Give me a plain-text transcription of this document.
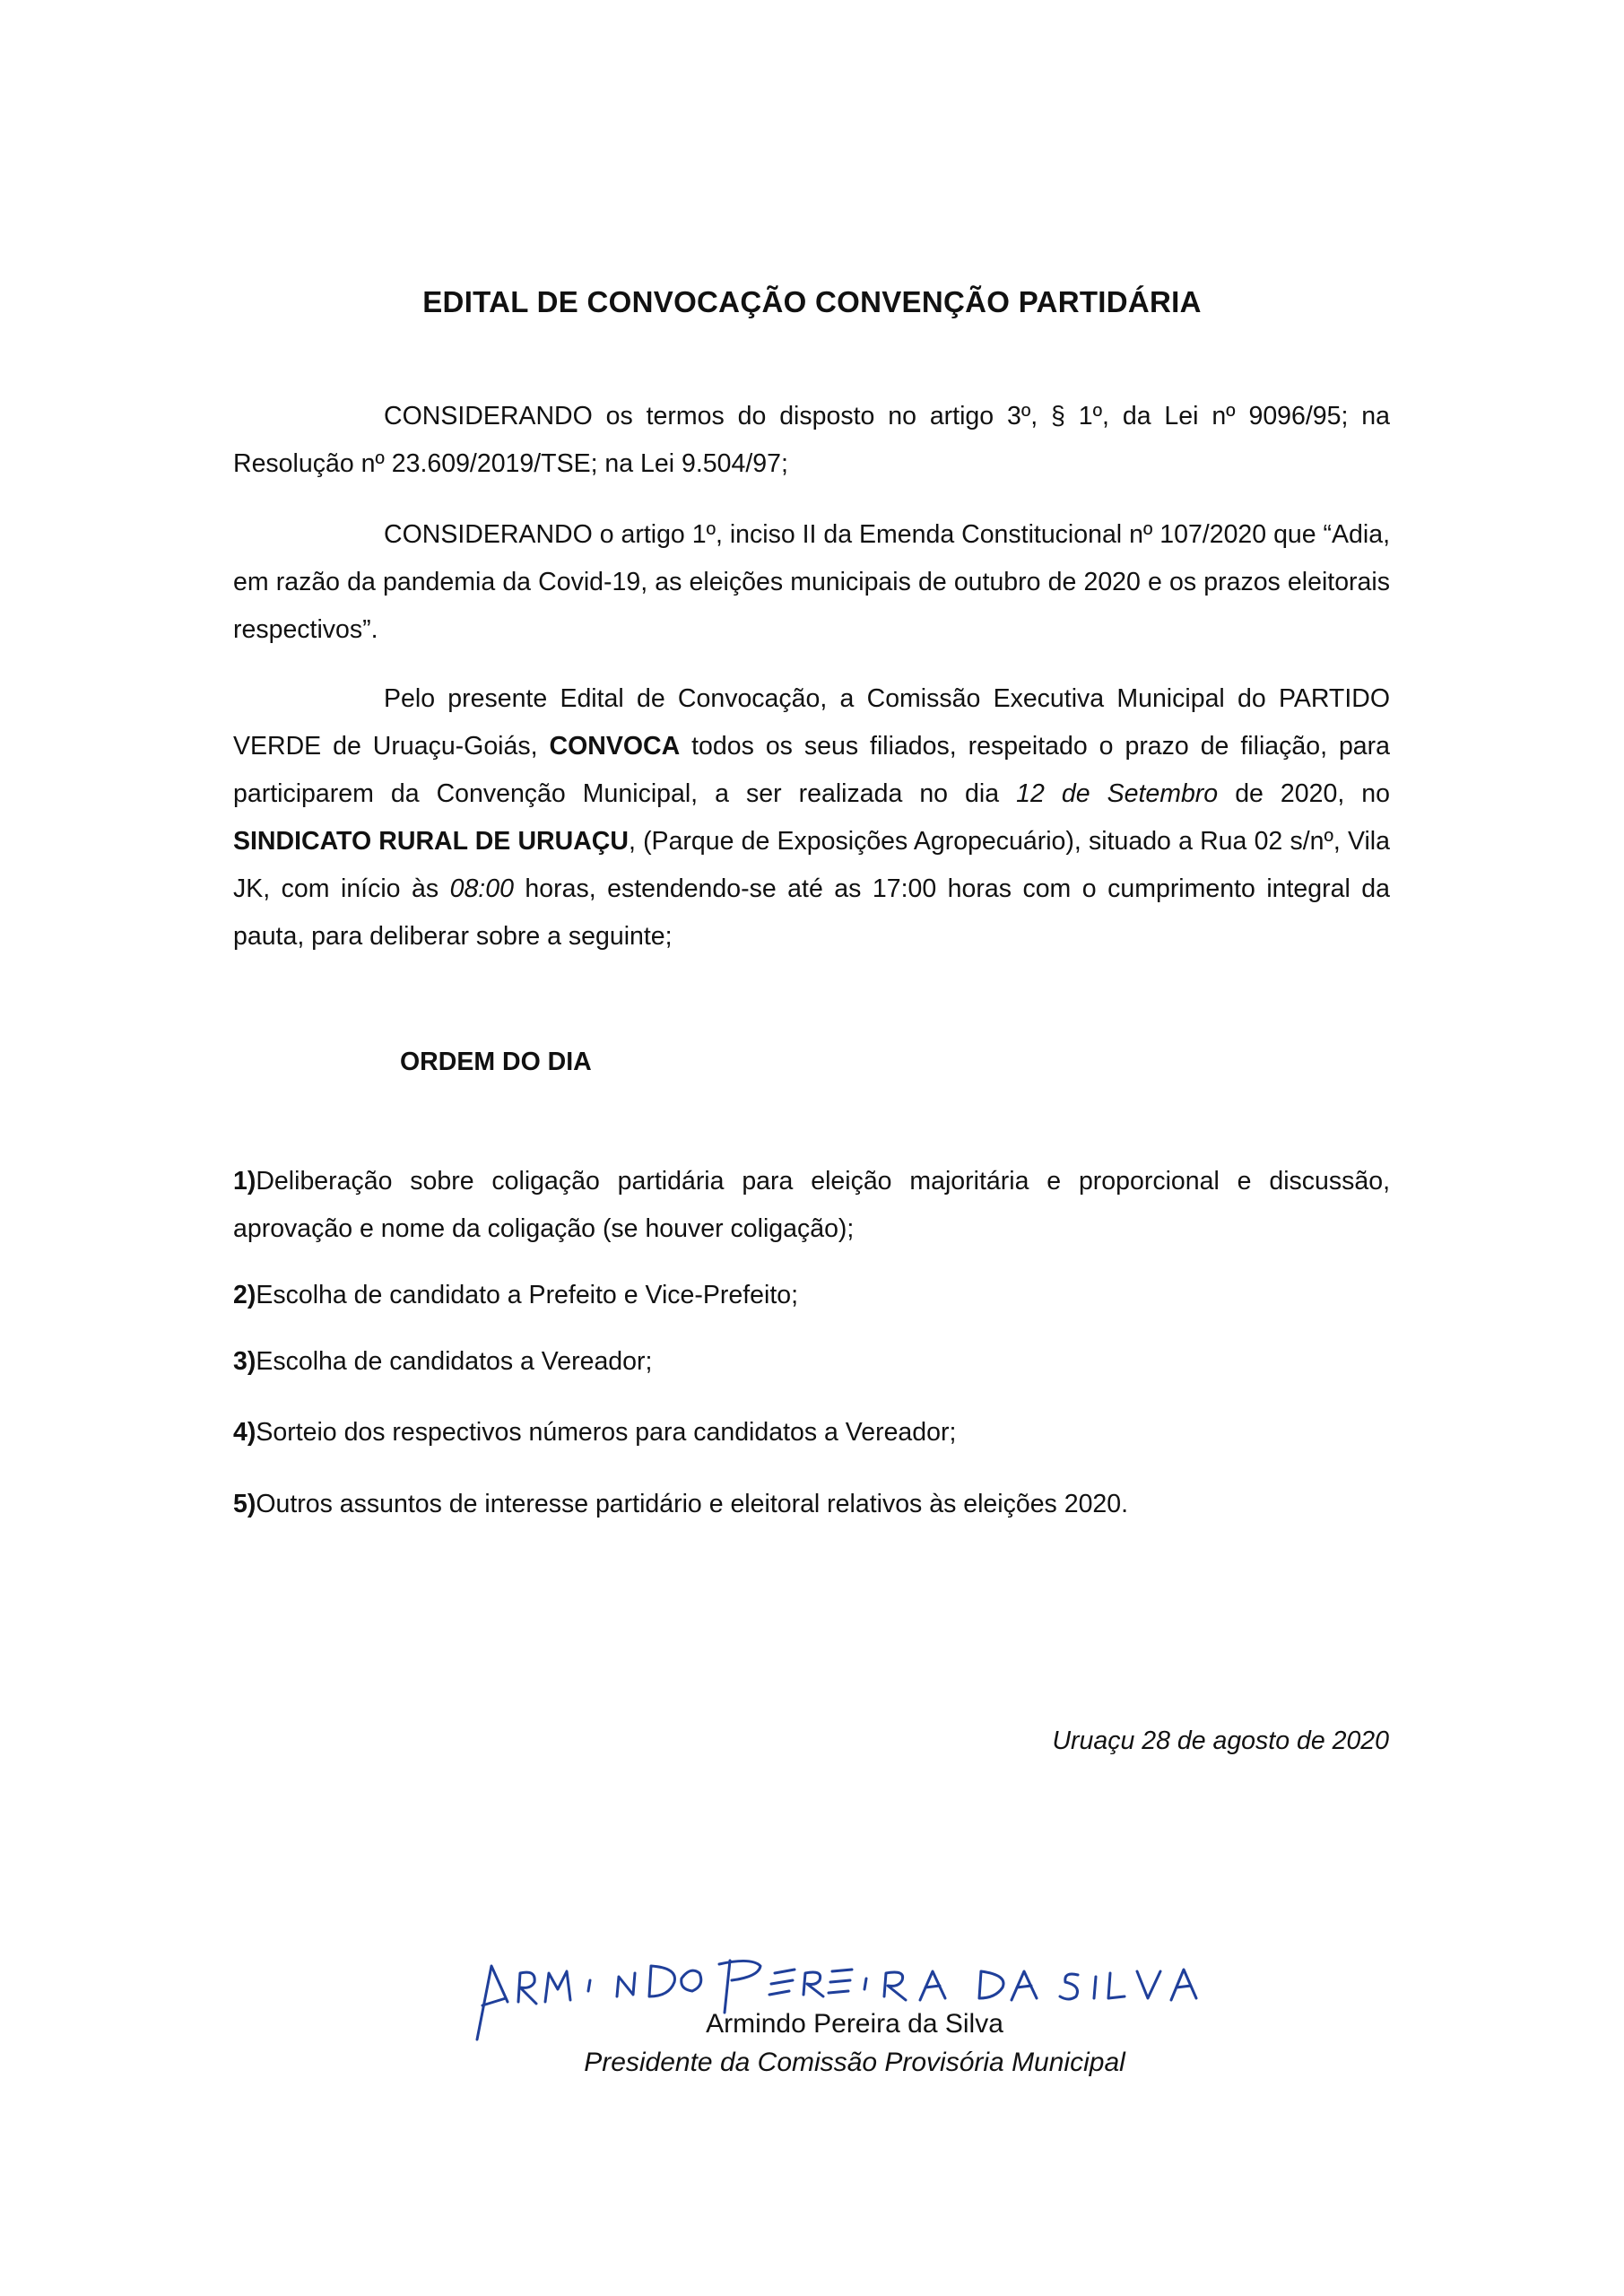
EDITAL DE CONVOCAÇÃO CONVENÇÃO PARTIDÁRIA

CONSIDERANDO os termos do disposto no artigo 3º, § 1º, da Lei nº 9096/95; na Resolução nº 23.609/2019/TSE; na Lei 9.504/97;

CONSIDERANDO o artigo 1º, inciso II da Emenda Constitucional nº 107/2020 que “Adia, em razão da pandemia da Covid-19, as eleições municipais de outubro de 2020 e os prazos eleitorais respectivos”.

Pelo presente Edital de Convocação, a Comissão Executiva Municipal do PARTIDO VERDE de Uruaçu-Goiás, CONVOCA todos os seus filiados, respeitado o prazo de filiação, para participarem da Convenção Municipal, a ser realizada no dia 12 de Setembro de 2020, no SINDICATO RURAL DE URUAÇU, (Parque de Exposições Agropecuário), situado a Rua 02 s/nº, Vila JK, com início às 08:00 horas, estendendo-se até as 17:00 horas com o cumprimento integral da pauta, para deliberar sobre a seguinte;

ORDEM DO DIA
1)Deliberação sobre coligação partidária para eleição majoritária e proporcional e discussão, aprovação e nome da coligação (se houver coligação);
2)Escolha de candidato a Prefeito e Vice-Prefeito;
3)Escolha de candidatos a Vereador;
4)Sorteio dos respectivos números para candidatos a Vereador;
5)Outros assuntos de interesse partidário e eleitoral relativos às eleições 2020.
Uruaçu 28 de agosto de 2020
Armindo Pereira da Silva
Presidente da Comissão Provisória Municipal
